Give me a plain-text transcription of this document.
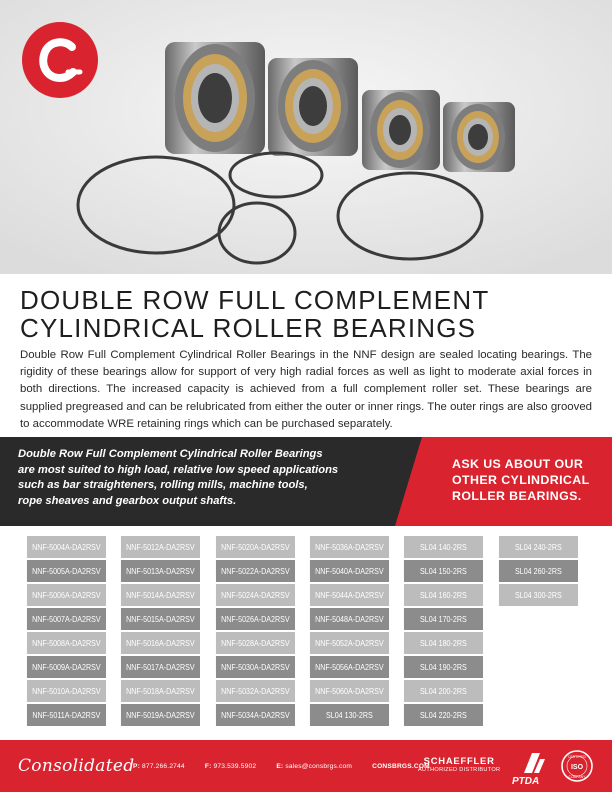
DOUBLE ROW FULL COMPLEMENT
CYLINDRICAL ROLLER BEARINGS

Double Row Full Complement Cylindrical Roller Bearings in the NNF design are sealed locating bearings. The rigidity of these bearings allow for support of very high radial forces as well as light to moderate axial forces in both directions. The increased capacity is achieved from a full complement roller set. These bearings are supplied pregreased and can be relubricated from either the outer or inner rings. The outer rings are also grooved to accommodate WRE retaining rings which can be purchased separately.

Double Row Full Complement Cylindrical Roller Bearings
are most suited to high load, relative low speed applications
such as bar straighteners, rolling mills, machine tools,
rope sheaves and gearbox output shafts.
ASK US ABOUT OUR
OTHER CYLINDRICAL
ROLLER BEARINGS.
NNF-5004A-DA2RSV	NNF-5012A-DA2RSV	NNF-5020A-DA2RSV	NNF-5036A-DA2RSV	SL04 140-2RS	SL04 240-2RS
NNF-5005A-DA2RSV	NNF-5013A-DA2RSV	NNF-5022A-DA2RSV	NNF-5040A-DA2RSV	SL04 150-2RS	SL04 260-2RS
NNF-5006A-DA2RSV	NNF-5014A-DA2RSV	NNF-5024A-DA2RSV	NNF-5044A-DA2RSV	SL04 160-2RS	SL04 300-2RS
NNF-5007A-DA2RSV	NNF-5015A-DA2RSV	NNF-5026A-DA2RSV	NNF-5048A-DA2RSV	SL04 170-2RS
NNF-5008A-DA2RSV	NNF-5016A-DA2RSV	NNF-5028A-DA2RSV	NNF-5052A-DA2RSV	SL04 180-2RS
NNF-5009A-DA2RSV	NNF-5017A-DA2RSV	NNF-5030A-DA2RSV	NNF-5056A-DA2RSV	SL04 190-2RS
NNF-5010A-DA2RSV	NNF-5018A-DA2RSV	NNF-5032A-DA2RSV	NNF-5060A-DA2RSV	SL04 200-2RS
NNF-5011A-DA2RSV	NNF-5019A-DA2RSV	NNF-5034A-DA2RSV	SL04 130-2RS	SL04 220-2RS
Consolidated
P: 877.266.2744	F: 973.539.5902	E: sales@consbrgs.com	CONSBRGS.COM
SCHAEFFLER
AUTHORIZED DISTRIBUTOR
PTDA
CERTIFIED
ISO
COMPANY
